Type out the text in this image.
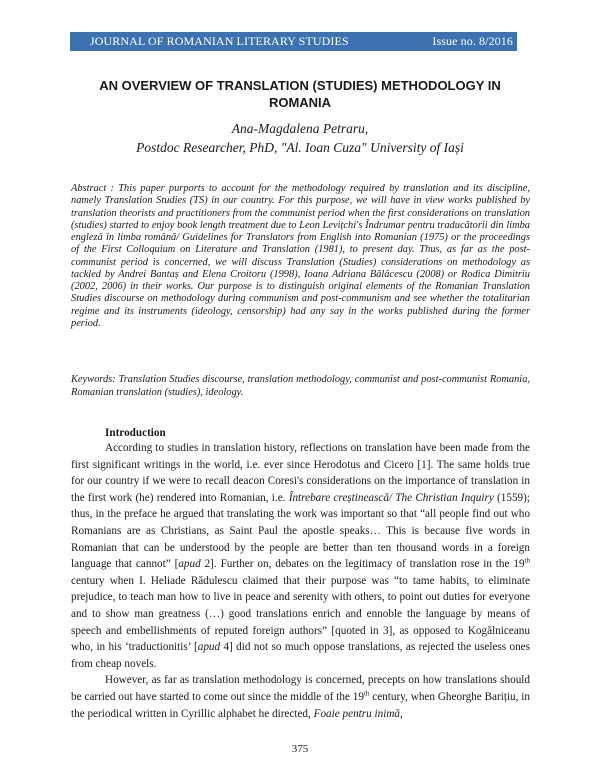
JOURNAL OF ROMANIAN LITERARY STUDIES	Issue no. 8/2016
AN OVERVIEW OF TRANSLATION (STUDIES) METHODOLOGY IN
ROMANIA
Ana-Magdalena Petraru,
Postdoc Researcher, PhD, "Al. Ioan Cuza" University of Iași

Abstract : This paper purports to account for the methodology required by translation and its discipline, namely Translation Studies (TS) in our country. For this purpose, we will have in view works published by translation theorists and practitioners from the communist period when the first considerations on translation (studies) started to enjoy book length treatment due to Leon Levițchi's Îndrumar pentru traducătorii din limba engleză în limba română/ Guidelines for Translators from English into Romanian (1975) or the proceedings of the First Colloquium on Literature and Translation (1981), to present day. Thus, as far as the post-communist period is concerned, we will discuss Translation (Studies) considerations on methodology as tackled by Andrei Bantaș and Elena Croitoru (1998), Ioana Adriana Bălăcescu (2008) or Rodica Dimitriu (2002, 2006) in their works. Our purpose is to distinguish original elements of the Romanian Translation Studies discourse on methodology during communism and post-communism and see whether the totalitarian regime and its instruments (ideology, censorship) had any say in the works published during the former period.

Keywords: Translation Studies discourse, translation methodology, communist and post-communist Romania, Romanian translation (studies), ideology.

Introduction

According to studies in translation history, reflections on translation have been made from the first significant writings in the world, i.e. ever since Herodotus and Cicero [1]. The same holds true for our country if we were to recall deacon Coresi's considerations on the importance of translation in the first work (he) rendered into Romanian, i.e. Întrebare creștinească/ The Christian Inquiry (1559); thus, in the preface he argued that translating the work was important so that “all people find out who Romanians are as Christians, as Saint Paul the apostle speaks… This is because five words in Romanian that can be understood by the people are better than ten thousand words in a foreign language that cannot” [apud 2]. Further on, debates on the legitimacy of translation rose in the 19th century when I. Heliade Rădulescu claimed that their purpose was “to tame habits, to eliminate prejudice, to teach man how to live in peace and serenity with others, to point out duties for everyone and to show man greatness (…) good translations enrich and ennoble the language by means of speech and embellishments of reputed foreign authors” [quoted in 3], as opposed to Kogălniceanu who, in his ‘traductionitis’ [apud 4] did not so much oppose translations, as rejected the useless ones from cheap novels.

However, as far as translation methodology is concerned, precepts on how translations should be carried out have started to come out since the middle of the 19th century, when Gheorghe Barițiu, in the periodical written in Cyrillic alphabet he directed, Foaie pentru inimă,

375
